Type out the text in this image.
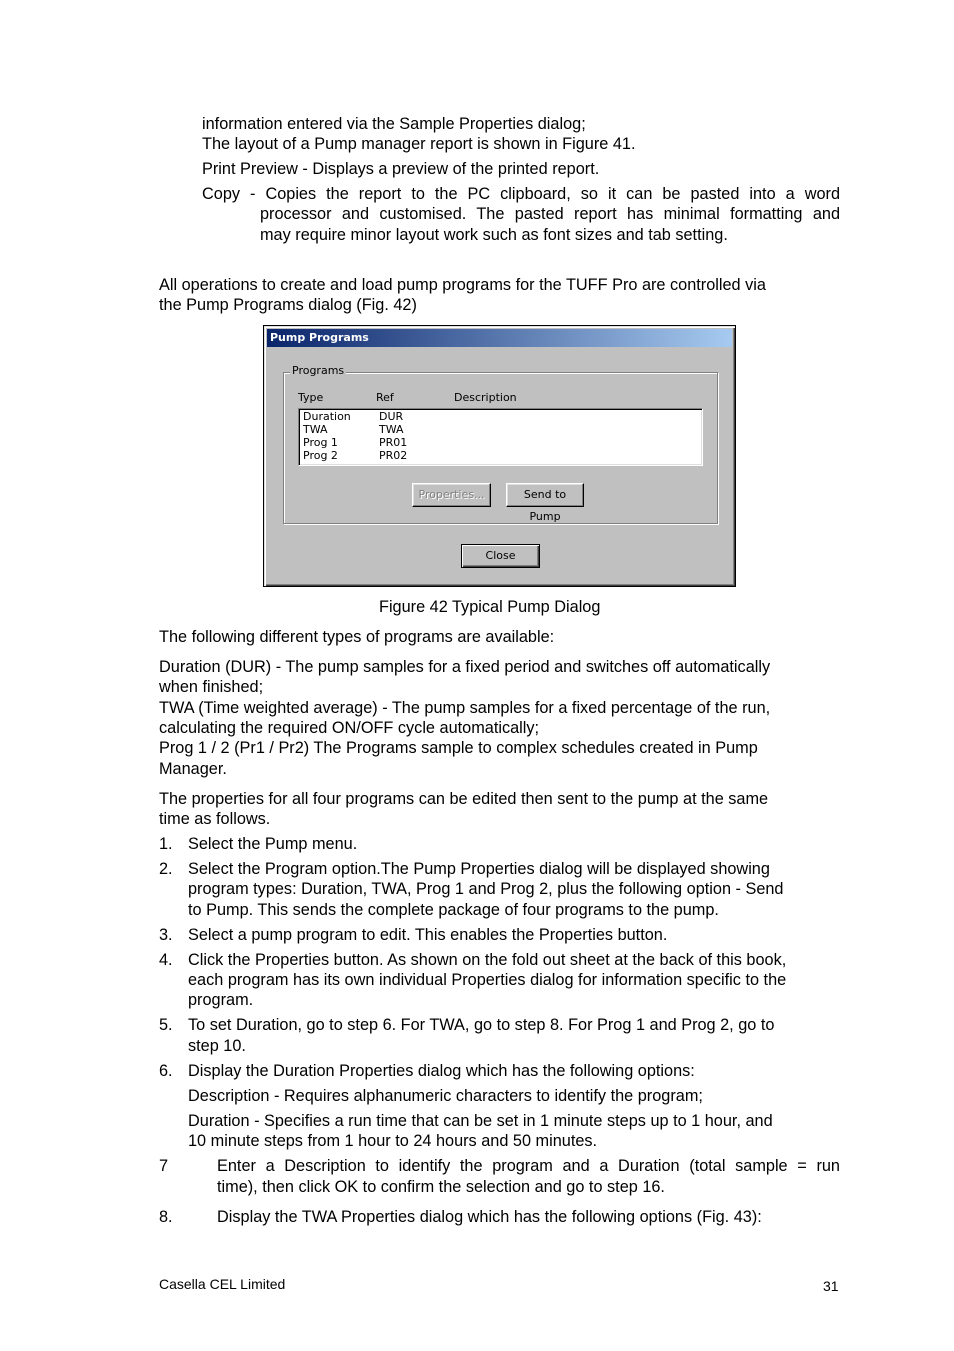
information entered via the Sample Properties dialog;
The layout of a Pump manager report is shown in Figure 41.
Print Preview - Displays a preview of the printed report.
Copy - Copies the report to the PC clipboard, so it can be pasted into a word
processor and customised. The pasted report has minimal formatting and
may require minor layout work such as font sizes and tab setting.
All operations to create and load pump programs for the TUFF Pro are controlled via
the Pump Programs dialog (Fig. 42)
Pump Programs
Programs
Type	Ref	Description
Duration	DUR
TWA	TWA
Prog 1	PR01
Prog 2	PR02
Properties...	Send to Pump
Close
Figure 42 Typical Pump Dialog
The following different types of programs are available:
Duration (DUR) - The pump samples for a fixed period and switches off automatically
when finished;
TWA (Time weighted average) - The pump samples for a fixed percentage of the run,
calculating the required ON/OFF cycle automatically;
Prog 1 / 2 (Pr1 / Pr2) The Programs sample to complex schedules created in Pump
Manager.
The properties for all four programs can be edited then sent to the pump at the same
time as follows.
1. Select the Pump menu.
2. Select the Program option.The Pump Properties dialog will be displayed showing
program types: Duration, TWA, Prog 1 and Prog 2, plus the following option - Send
to Pump. This sends the complete package of four programs to the pump.
3. Select a pump program to edit. This enables the Properties button.
4. Click the Properties button. As shown on the fold out sheet at the back of this book,
each program has its own individual Properties dialog for information specific to the
program.
5. To set Duration, go to step 6. For TWA, go to step 8. For Prog 1 and Prog 2, go to
step 10.
6. Display the Duration Properties dialog which has the following options:
Description - Requires alphanumeric characters to identify the program;
Duration - Specifies a run time that can be set in 1 minute steps up to 1 hour, and
10 minute steps from 1 hour to 24 hours and 50 minutes.
7	Enter a Description to identify the program and a Duration (total sample = run
time), then click OK to confirm the selection and go to step 16.
8.	Display the TWA Properties dialog which has the following options (Fig. 43):
Casella CEL Limited	31
